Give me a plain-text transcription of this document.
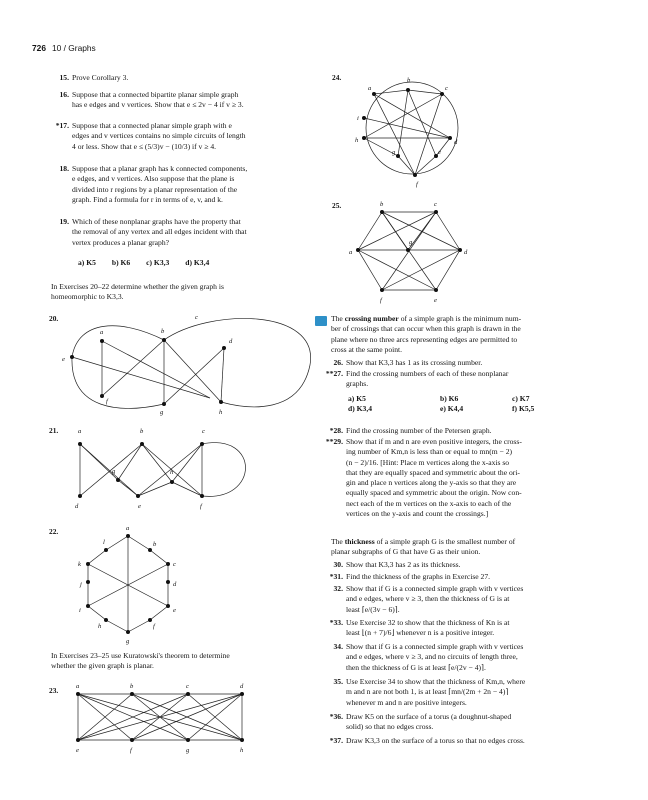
726 10 / Graphs
15. Prove Corollary 3.
16. Suppose that a connected bipartite planar simple graph
has e edges and v vertices. Show that e ≤ 2v − 4 if v ≥ 3.
*17. Suppose that a connected planar simple graph with e
edges and v vertices contains no simple circuits of length
4 or less. Show that e ≤ (5/3)v − (10/3) if v ≥ 4.
18. Suppose that a planar graph has k connected components,
e edges, and v vertices. Also suppose that the plane is
divided into r regions by a planar representation of the
graph. Find a formula for r in terms of e, v, and k.
19. Which of these nonplanar graphs have the property that
the removal of any vertex and all edges incident with that
vertex produces a planar graph?
a) K5 b) K6 c) K3,3 d) K3,4
In Exercises 20–22 determine whether the given graph is
homeomorphic to K3,3.
20.
21.
22.
In Exercises 23–25 use Kuratowski's theorem to determine
whether the given graph is planar.
23.
a	b
c
d
e
f
g	h
a	b	c
g	h
d	e	f
a
b
c
d
e
f
g
h
i
j
k
l
a	b	c	d
e	f	g	h
24.
a
b
c
i
h	d
g	e
f
25.	b	c
a
g
d
f	e
The crossing number of a simple graph is the minimum num-
ber of crossings that can occur when this graph is drawn in the
plane where no three arcs representing edges are permitted to
cross at the same point.
26. Show that K3,3 has 1 as its crossing number.
**27. Find the crossing numbers of each of these nonplanar
graphs.
a) K5	b) K6	c) K7
d) K3,4	e) K4,4	f) K5,5
*28. Find the crossing number of the Petersen graph.
**29. Show that if m and n are even positive integers, the cross-
ing number of Km,n is less than or equal to mn(m − 2)
(n − 2)/16. [Hint: Place m vertices along the x-axis so
that they are equally spaced and symmetric about the ori-
gin and place n vertices along the y-axis so that they are
equally spaced and symmetric about the origin. Now con-
nect each of the m vertices on the x-axis to each of the
vertices on the y-axis and count the crossings.]
The thickness of a simple graph G is the smallest number of
planar subgraphs of G that have G as their union.
30. Show that K3,3 has 2 as its thickness.
*31. Find the thickness of the graphs in Exercise 27.
32. Show that if G is a connected simple graph with v vertices
and e edges, where v ≥ 3, then the thickness of G is at
least ⌈e/(3v − 6)⌉.
*33. Use Exercise 32 to show that the thickness of Kn is at
least ⌊(n + 7)/6⌋ whenever n is a positive integer.
34. Show that if G is a connected simple graph with v vertices
and e edges, where v ≥ 3, and no circuits of length three,
then the thickness of G is at least ⌈e/(2v − 4)⌉.
35. Use Exercise 34 to show that the thickness of Km,n, where
m and n are not both 1, is at least ⌈mn/(2m + 2n − 4)⌉
whenever m and n are positive integers.
*36. Draw K5 on the surface of a torus (a doughnut-shaped
solid) so that no edges cross.
*37. Draw K3,3 on the surface of a torus so that no edges cross.
